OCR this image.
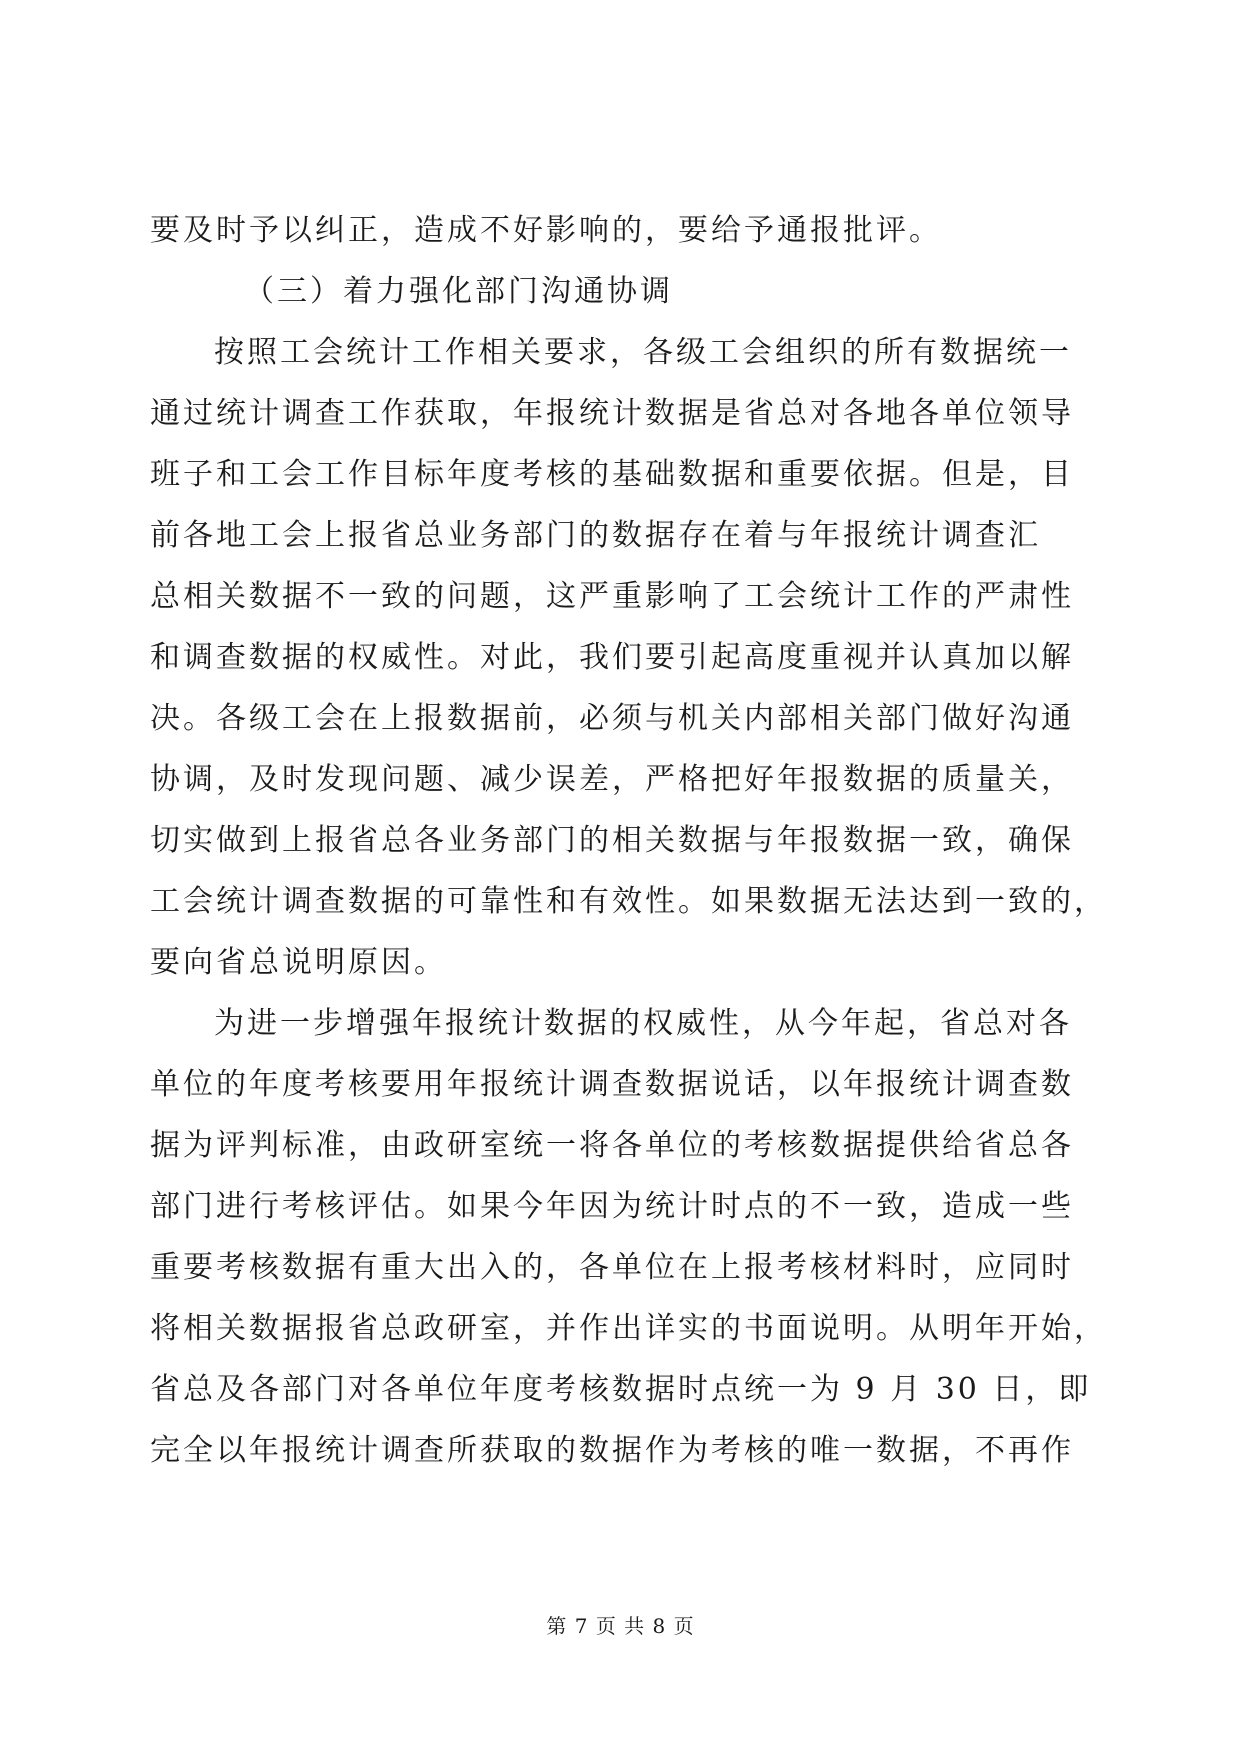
要及时予以纠正，造成不好影响的，要给予通报批评。
（三）着力强化部门沟通协调
按照工会统计工作相关要求，各级工会组织的所有数据统一
通过统计调查工作获取，年报统计数据是省总对各地各单位领导
班子和工会工作目标年度考核的基础数据和重要依据。但是，目
前各地工会上报省总业务部门的数据存在着与年报统计调查汇
总相关数据不一致的问题，这严重影响了工会统计工作的严肃性
和调查数据的权威性。对此，我们要引起高度重视并认真加以解
决。各级工会在上报数据前，必须与机关内部相关部门做好沟通
协调，及时发现问题、减少误差，严格把好年报数据的质量关，
切实做到上报省总各业务部门的相关数据与年报数据一致，确保
工会统计调查数据的可靠性和有效性。如果数据无法达到一致的，
要向省总说明原因。
为进一步增强年报统计数据的权威性，从今年起，省总对各
单位的年度考核要用年报统计调查数据说话，以年报统计调查数
据为评判标准，由政研室统一将各单位的考核数据提供给省总各
部门进行考核评估。如果今年因为统计时点的不一致，造成一些
重要考核数据有重大出入的，各单位在上报考核材料时，应同时
将相关数据报省总政研室，并作出详实的书面说明。从明年开始，
省总及各部门对各单位年度考核数据时点统一为 9 月 30 日，即
完全以年报统计调查所获取的数据作为考核的唯一数据，不再作
第 7 页 共 8 页
